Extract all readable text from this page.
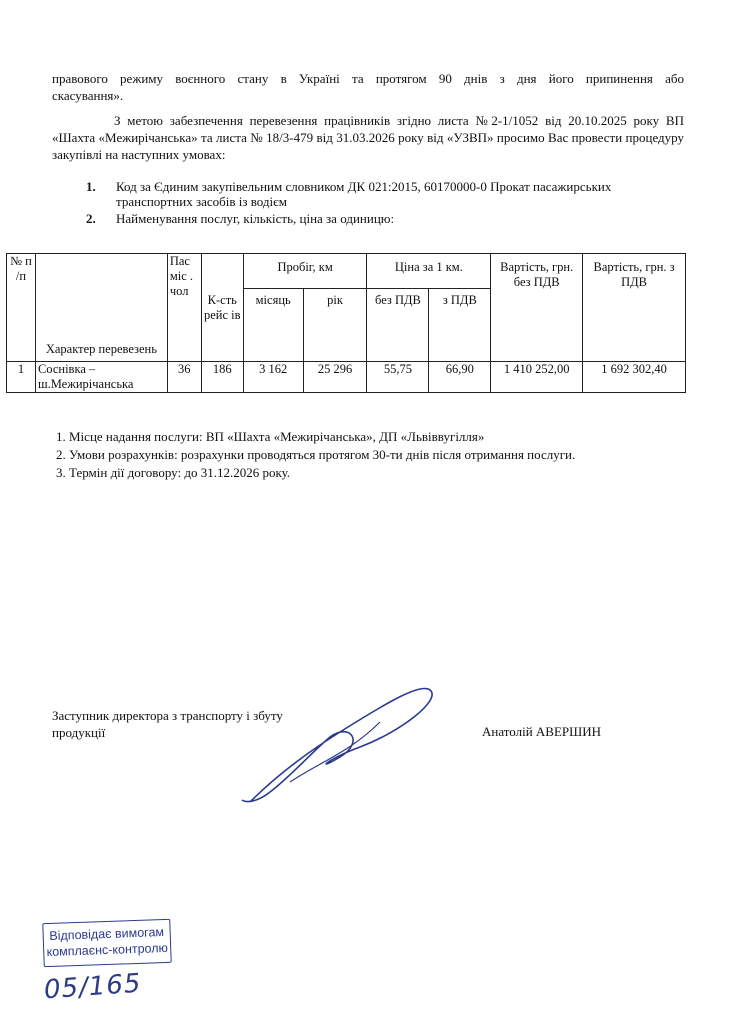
правового режиму воєнного стану в Україні та протягом 90 днів з дня його припинення або
скасування».
З метою забезпечення перевезення працівників згідно листа №2-1/1052 від 20.10.2025 року ВП «Шахта «Межирічанська» та листа № 18/3-479 від 31.03.2026 року від «УЗВП» просимо Вас провести процедуру закупівлі на наступних умовах:
1. Код за Єдиним закупівельним словником ДК 021:2015, 60170000-0 Прокат пасажирських транспортних засобів із водієм
2. Найменування послуг, кількість, ціна за одиницю:
№ п /п	Характер перевезень	Пас міс . чол	К-сть рейс ів	Пробіг, км		Ціна за 1 км.		Вартість, грн. без ПДВ	Вартість, грн. з ПДВ
				місяць	рік	без ПДВ	з ПДВ		
1	Соснівка – ш.Межирічанська	36	186	3 162	25 296	55,75	66,90	1 410 252,00	1 692 302,40
1. Місце надання послуги: ВП «Шахта «Межирічанська», ДП «Львіввугілля»
2. Умови розрахунків: розрахунки проводяться протягом 30-ти днів після отримання послуги.
3. Термін дії договору: до 31.12.2026 року.
Заступник директора з транспорту і збуту продукції	Анатолій АВЕРШИН
Відповідає вимогам комплаєнс-контролю
05/165
